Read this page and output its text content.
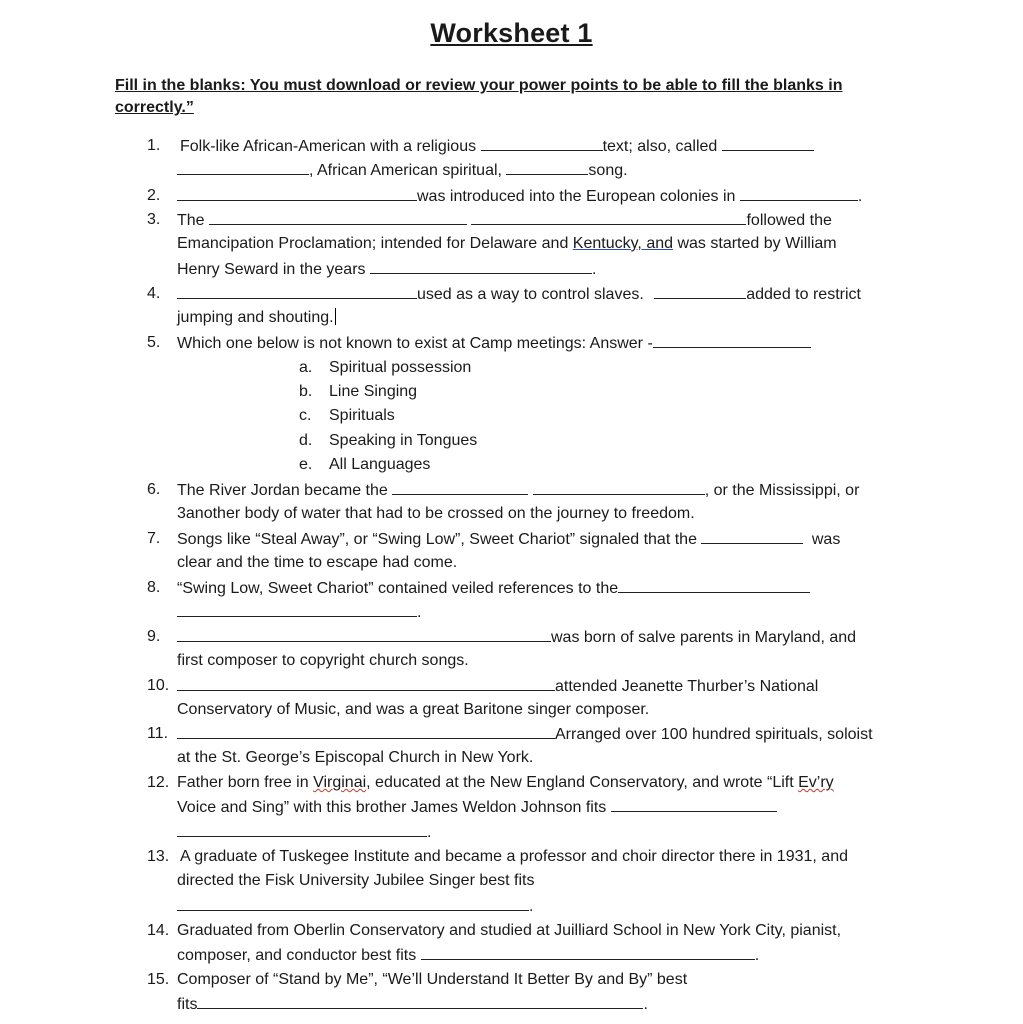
Worksheet 1
Fill in the blanks: You must download or review your power points to be able to fill the blanks in correctly.”
1. Folk-like African-American with a religious	text; also, called
, African American spiritual,	song.
2.	was introduced into the European colonies in	.
3. The	followed the
Emancipation Proclamation; intended for Delaware and Kentucky, and was started by William
Henry Seward in the years	.
4.	used as a way to control slaves.	added to restrict
jumping and shouting.
5. Which one below is not known to exist at Camp meetings: Answer -
a. Spiritual possession
b. Line Singing
c. Spirituals
d. Speaking in Tongues
e. All Languages
6. The River Jordan became the	, or the Mississippi, or
3another body of water that had to be crossed on the journey to freedom.
7. Songs like “Steal Away”, or “Swing Low”, Sweet Chariot” signaled that the	was
clear and the time to escape had come.
8. “Swing Low, Sweet Chariot” contained veiled references to the
.
9.	was born of salve parents in Maryland, and
first composer to copyright church songs.
10.	attended Jeanette Thurber’s National
Conservatory of Music, and was a great Baritone singer composer.
11.	Arranged over 100 hundred spirituals, soloist
at the St. George’s Episcopal Church in New York.
12. Father born free in Virginai, educated at the New England Conservatory, and wrote “Lift Ev’ry
Voice and Sing” with this brother James Weldon Johnson fits
.
13. A graduate of Tuskegee Institute and became a professor and choir director there in 1931, and
directed the Fisk University Jubilee Singer best fits
.
14. Graduated from Oberlin Conservatory and studied at Juilliard School in New York City, pianist,
composer, and conductor best fits	.
15. Composer of “Stand by Me”, “We’ll Understand It Better By and By” best
fits	.
